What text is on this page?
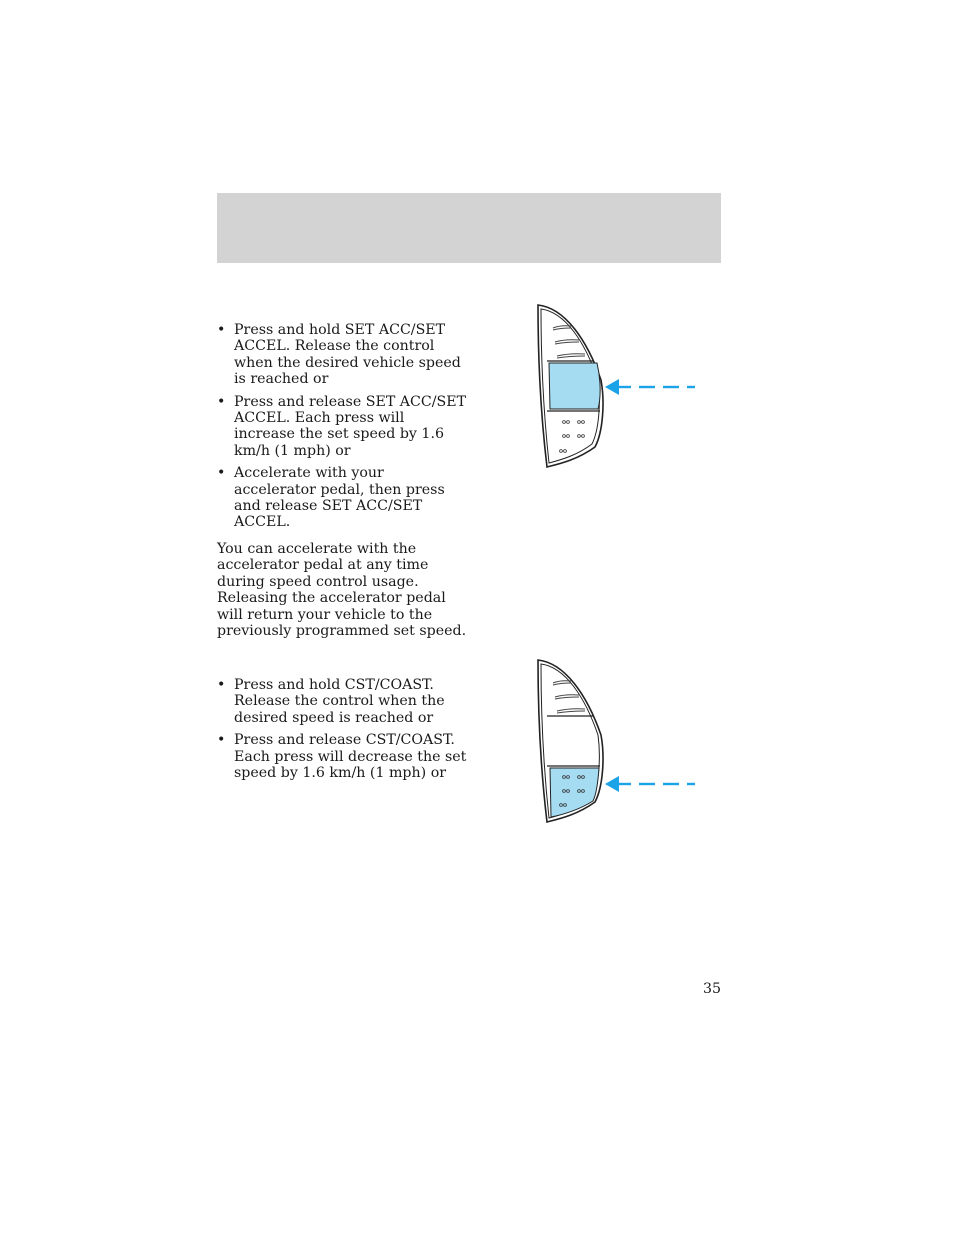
• Press and hold SET ACC/SET ACCEL. Release the control when the desired vehicle speed is reached or
• Press and release SET ACC/SET ACCEL. Each press will increase the set speed by 1.6 km/h (1 mph) or
• Accelerate with your accelerator pedal, then press and release SET ACC/SET ACCEL.

You can accelerate with the accelerator pedal at any time during speed control usage. Releasing the accelerator pedal will return your vehicle to the previously programmed set speed.

• Press and hold CST/COAST. Release the control when the desired speed is reached or
• Press and release CST/COAST. Each press will decrease the set speed by 1.6 km/h (1 mph) or
35
